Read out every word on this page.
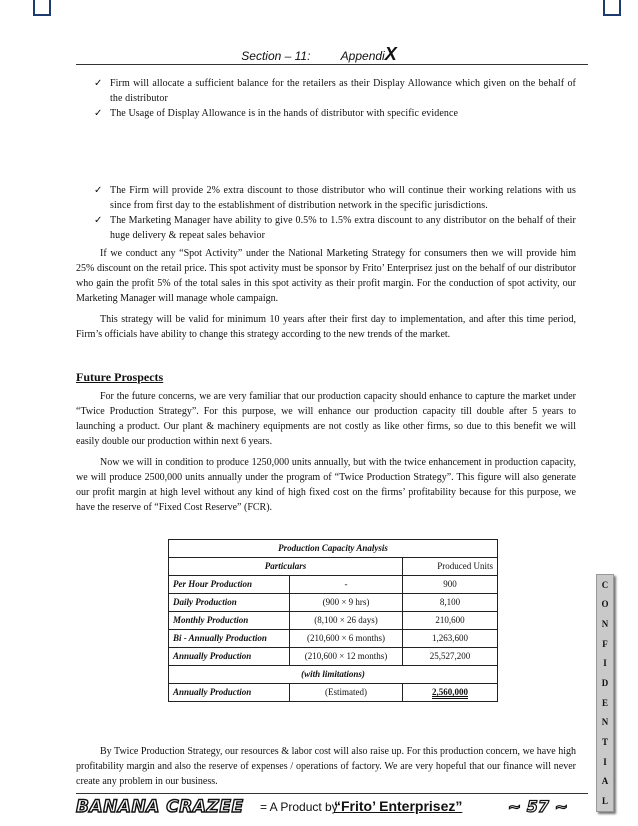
Section – 11:	AppendiX
✓ Firm will allocate a sufficient balance for the retailers as their Display Allowance which given on the behalf of the distributor
✓ The Usage of Display Allowance is in the hands of distributor with specific evidence
✓ The Firm will provide 2% extra discount to those distributor who will continue their working relations with us since from first day to the establishment of distribution network in the specific jurisdictions.
✓ The Marketing Manager have ability to give 0.5% to 1.5% extra discount to any distributor on the behalf of their huge delivery & repeat sales behavior

If we conduct any “Spot Activity” under the National Marketing Strategy for consumers then we will provide him 25% discount on the retail price. This spot activity must be sponsor by Frito’ Enterprisez just on the behalf of our distributor who gain the profit 5% of the total sales in this spot activity as their profit margin. For the conduction of spot activity, our Marketing Manager will manage whole campaign.

This strategy will be valid for minimum 10 years after their first day to implementation, and after this time period, Firm’s officials have ability to change this strategy according to the new trends of the market.

Future Prospects

For the future concerns, we are very familiar that our production capacity should enhance to capture the market under “Twice Production Strategy”. For this purpose, we will enhance our production capacity till double after 5 years to launching a product. Our plant & machinery equipments are not costly as like other firms, so due to this benefit we will easily double our production within next 6 years.

Now we will in condition to produce 1250,000 units annually, but with the twice enhancement in production capacity, we will produce 2500,000 units annually under the program of “Twice Production Strategy”. This figure will also generate our profit margin at high level without any kind of high fixed cost on the firms’ profitability because for this purpose, we have the reserve of “Fixed Cost Reserve” (FCR).

Production Capacity Analysis		
Particulars		Produced Units
Per Hour Production	-	900
Daily Production	(900 × 9 hrs)	8,100
Monthly Production	(8,100 × 26 days)	210,600
Bi - Annually Production	(210,600 × 6 months)	1,263,600
Annually Production	(210,600 × 12 months)	25,527,200
(with limitations)		
Annually Production	(Estimated)	2,560,000

By Twice Production Strategy, our resources & labor cost will also raise up. For this production concern, we have high profitability margin and also the reserve of expenses / operations of factory. We are very hopeful that our finance will never create any problem in our business.

C
O
N
F
I
D
E
N
T
I
A
L
BANANA CRAZEE = A Product by
“Frito’ Enterprisez”	~ 57 ~
